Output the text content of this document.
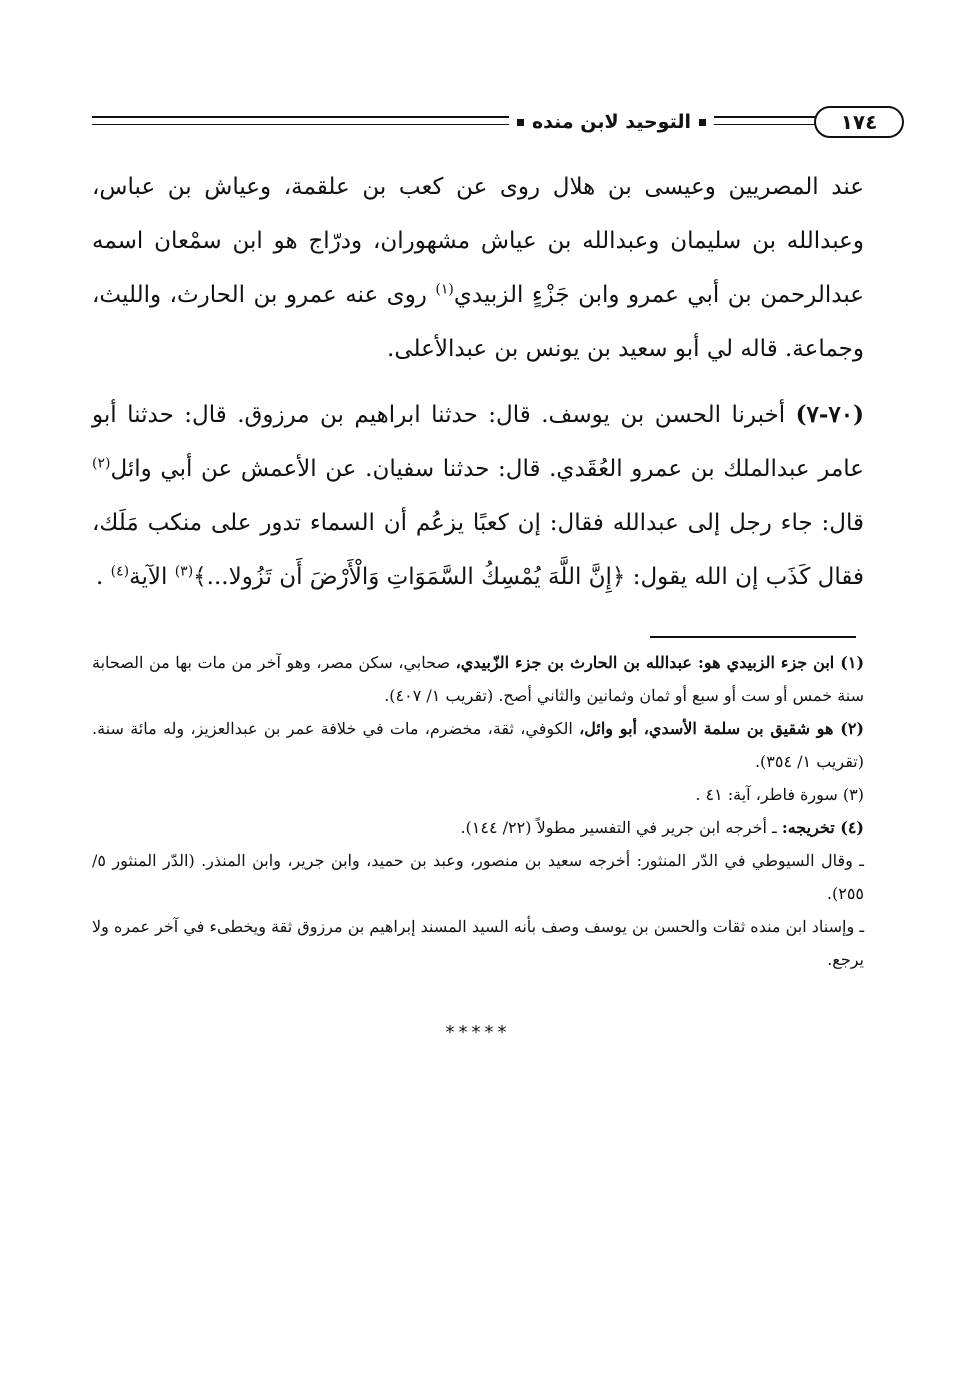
١٧٤
التوحيد لابن منده

عند المصريين وعيسى بن هلال روى عن كعب بن علقمة، وعياش بن عباس، وعبدالله بن سليمان وعبدالله بن عياش مشهوران، ودرّاج هو ابن سمْعان اسمه عبدالرحمن بن أبي عمرو وابن جَزْءٍ الزبيدي$^{(١)}$ روى عنه عمرو بن الحارث، والليث، وجماعة. قاله لي أبو سعيد بن يونس بن عبدالأعلى.

(٧٠-٧) أخبرنا الحسن بن يوسف. قال: حدثنا ابراهيم بن مرزوق. قال: حدثنا أبو عامر عبدالملك بن عمرو العُقَدي. قال: حدثنا سفيان. عن الأعمش عن أبي وائل$^{(٢)}$ قال: جاء رجل إلى عبدالله فقال: إن كعبًا يزعُم أن السماء تدور على منكب مَلَك، فقال كَذَب إن الله يقول: ﴿إِنَّ اللَّهَ يُمْسِكُ السَّمَوَاتِ وَالْأَرْضَ أَن تَزُولا...﴾$^{(٣)}$ الآية$^{(٤)}$ .

(١) ابن جزء الزبيدي هو: عبدالله بن الحارث بن جزء الزّبيدي، صحابي، سكن مصر، وهو آخر من مات بها من الصحابة سنة خمس أو ست أو سبع أو ثمان وثمانين والثاني أصح. (تقريب ١/ ٤٠٧).

(٢) هو شقيق بن سلمة الأسدي، أبو وائل، الكوفي، ثقة، مخضرم، مات في خلافة عمر بن عبدالعزيز، وله مائة سنة. (تقريب ١/ ٣٥٤).

(٣) سورة فاطر، آية: ٤١ .

(٤) تخريجه: ـ أخرجه ابن جرير في التفسير مطولاً (٢٢/ ١٤٤).

ـ وقال السيوطي في الدّر المنثور: أخرجه سعيد بن منصور، وعبد بن حميد، وابن جرير، وابن المنذر. (الدّر المنثور ٥/ ٢٥٥).

ـ وإسناد ابن منده ثقات والحسن بن يوسف وصف بأنه السيد المسند إبراهيم بن مرزوق ثقة ويخطىء في آخر عمره ولا يرجع.

*****
